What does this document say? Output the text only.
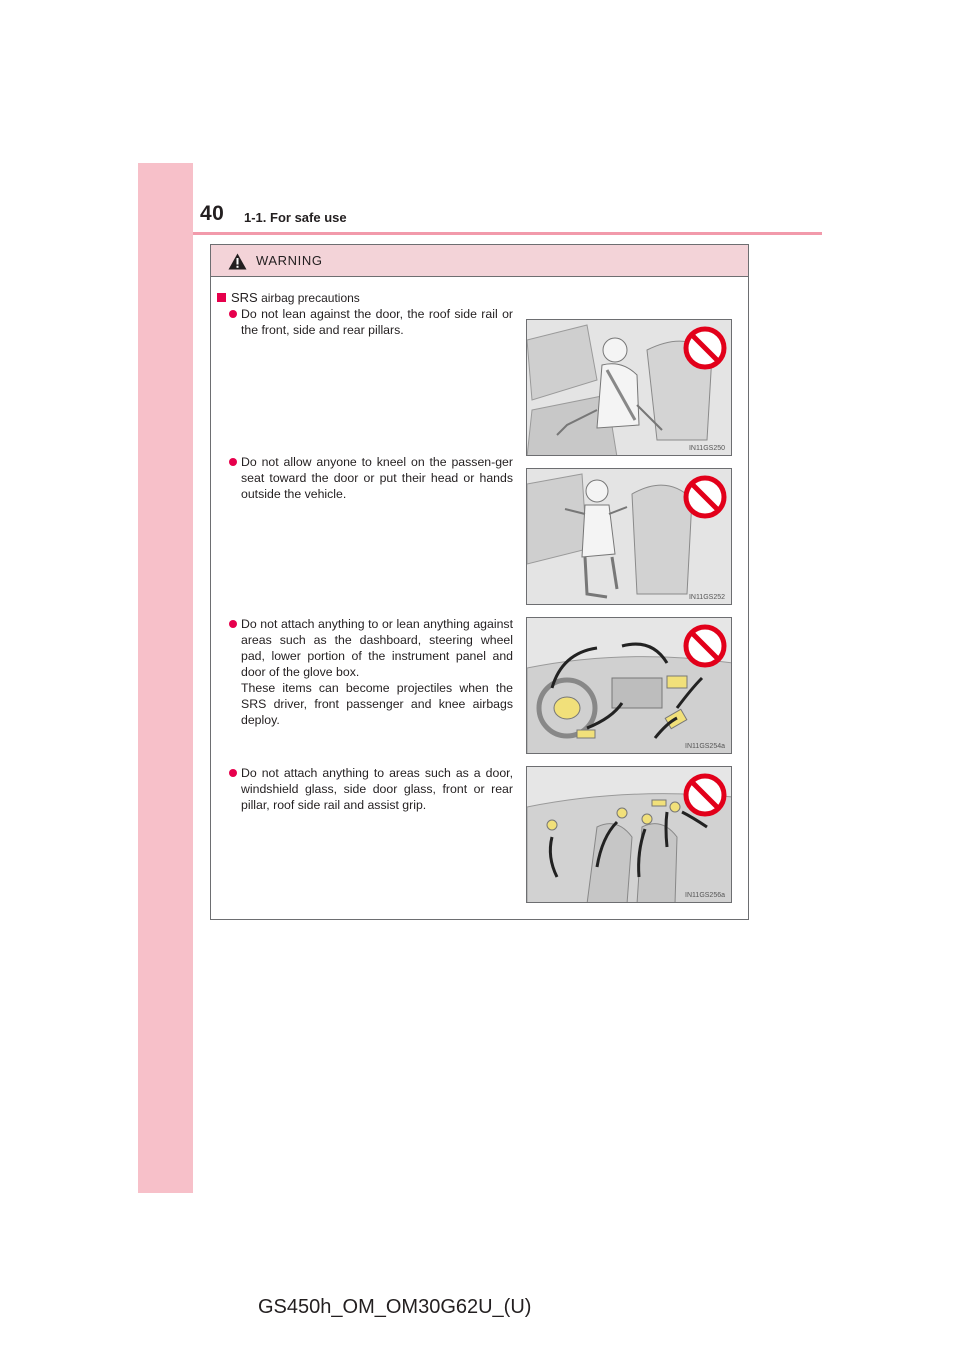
40 1-1. For safe use
WARNING
SRS airbag precautions

Do not lean against the door, the roof side rail or the front, side and rear pillars.

IN11GS250

Do not allow anyone to kneel on the passen-ger seat toward the door or put their head or hands outside the vehicle.

IN11GS252

Do not attach anything to or lean anything against areas such as the dashboard, steering wheel pad, lower portion of the instrument panel and door of the glove box.

These items can become projectiles when the SRS driver, front passenger and knee airbags deploy.

IN11GS254a

Do not attach anything to areas such as a door, windshield glass, side door glass, front or rear pillar, roof side rail and assist grip.

IN11GS256a
GS450h_OM_OM30G62U_(U)
